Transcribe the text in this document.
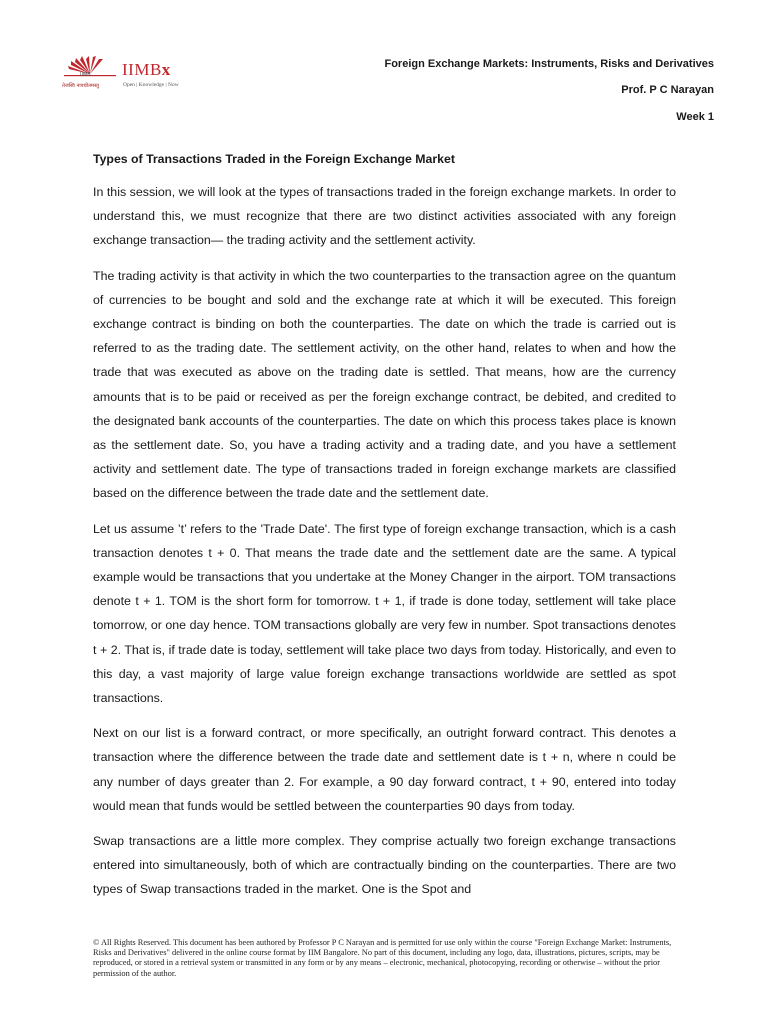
IIMB
तेजस्वि नावधीतमस्तु
IIMBx
Open | Knowledge | Now
Foreign Exchange Markets: Instruments, Risks and Derivatives
Prof. P C Narayan
Week 1

Types of Transactions Traded in the Foreign Exchange Market

In this session, we will look at the types of transactions traded in the foreign exchange markets. In order to understand this, we must recognize that there are two distinct activities associated with any foreign exchange transaction— the trading activity and the settlement activity.

The trading activity is that activity in which the two counterparties to the transaction agree on the quantum of currencies to be bought and sold and the exchange rate at which it will be executed. This foreign exchange contract is binding on both the counterparties. The date on which the trade is carried out is referred to as the trading date. The settlement activity, on the other hand, relates to when and how the trade that was executed as above on the trading date is settled. That means, how are the currency amounts that is to be paid or received as per the foreign exchange contract, be debited, and credited to the designated bank accounts of the counterparties. The date on which this process takes place is known as the settlement date. So, you have a trading activity and a trading date, and you have a settlement activity and settlement date. The type of transactions traded in foreign exchange markets are classified based on the difference between the trade date and the settlement date.

Let us assume ’t’ refers to the 'Trade Date'. The first type of foreign exchange transaction, which is a cash transaction denotes t + 0. That means the trade date and the settlement date are the same. A typical example would be transactions that you undertake at the Money Changer in the airport. TOM transactions denote t + 1. TOM is the short form for tomorrow. t + 1, if trade is done today, settlement will take place tomorrow, or one day hence. TOM transactions globally are very few in number. Spot transactions denotes t + 2. That is, if trade date is today, settlement will take place two days from today. Historically, and even to this day, a vast majority of large value foreign exchange transactions worldwide are settled as spot transactions.

Next on our list is a forward contract, or more specifically, an outright forward contract. This denotes a transaction where the difference between the trade date and settlement date is t + n, where n could be any number of days greater than 2. For example, a 90 day forward contract, t + 90, entered into today would mean that funds would be settled between the counterparties 90 days from today.

Swap transactions are a little more complex. They comprise actually two foreign exchange transactions entered into simultaneously, both of which are contractually binding on the counterparties. There are two types of Swap transactions traded in the market. One is the Spot and

© All Rights Reserved. This document has been authored by Professor P C Narayan and is permitted for use only within the course "Foreign Exchange Market: Instruments, Risks and Derivatives" delivered in the online course format by IIM Bangalore. No part of this document, including any logo, data, illustrations, pictures, scripts, may be reproduced, or stored in a retrieval system or transmitted in any form or by any means – electronic, mechanical, photocopying, recording or otherwise – without the prior permission of the author.
